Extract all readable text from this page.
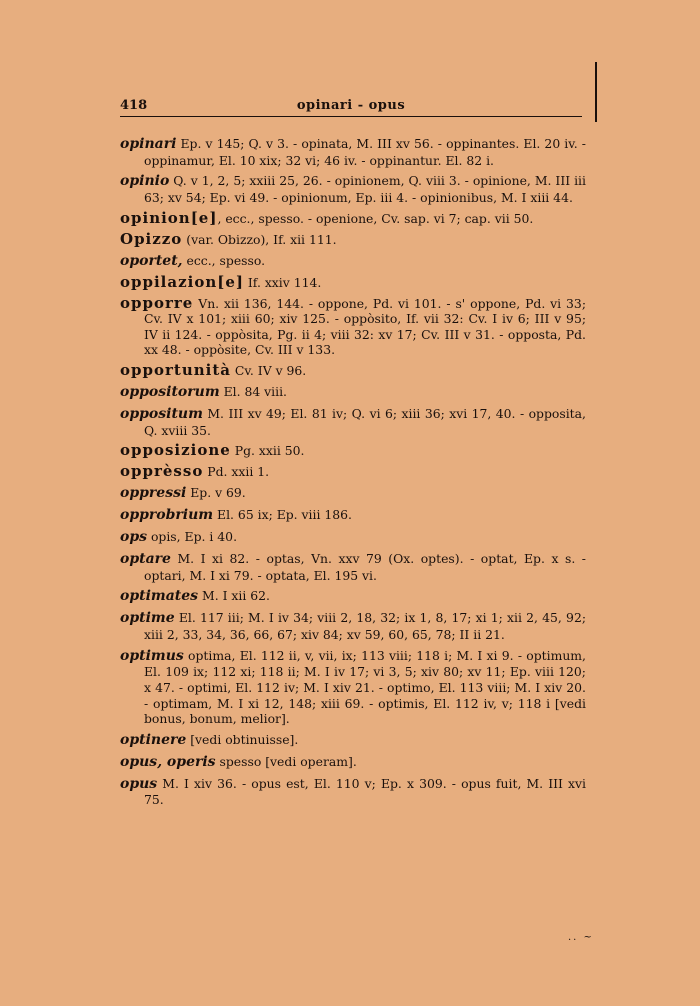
418	opinari - opus
opinari Ep. v 145; Q. v 3. - opinata, M. III xv 56. - oppinantes. El. 20 iv. - oppinamur, El. 10 xix; 32 vi; 46 iv. - oppinantur. El. 82 i.
opinio Q. v 1, 2, 5; xxiii 25, 26. - opinionem, Q. viii 3. - opinione, M. III iii 63; xv 54; Ep. vi 49. - opinionum, Ep. iii 4. - opinionibus, M. I xiii 44.
opinion[e], ecc., spesso. - openione, Cv. sap. vi 7; cap. vii 50.
Opizzo (var. Obizzo), If. xii 111.
oportet, ecc., spesso.
oppilazion[e] If. xxiv 114.
opporre Vn. xii 136, 144. - oppone, Pd. vi 101. - s' oppone, Pd. vi 33; Cv. IV x 101; xiii 60; xiv 125. - oppòsito, If. vii 32: Cv. I iv 6; III v 95; IV ii 124. - oppòsita, Pg. ii 4; viii 32: xv 17; Cv. III v 31. - opposta, Pd. xx 48. - oppòsite, Cv. III v 133.
opportunità Cv. IV v 96.
oppositorum El. 84 viii.
oppositum M. III xv 49; El. 81 iv; Q. vi 6; xiii 36; xvi 17, 40. - opposita, Q. xviii 35.
opposizione Pg. xxii 50.
opprèsso Pd. xxii 1.
oppressi Ep. v 69.
opprobrium El. 65 ix; Ep. viii 186.
ops opis, Ep. i 40.
optare M. I xi 82. - optas, Vn. xxv 79 (Ox. optes). - optat, Ep. x s. - optari, M. I xi 79. - optata, El. 195 vi.
optimates M. I xii 62.
optime El. 117 iii; M. I iv 34; viii 2, 18, 32; ix 1, 8, 17; xi 1; xii 2, 45, 92; xiii 2, 33, 34, 36, 66, 67; xiv 84; xv 59, 60, 65, 78; II ii 21.
optimus optima, El. 112 ii, v, vii, ix; 113 viii; 118 i; M. I xi 9. - optimum, El. 109 ix; 112 xi; 118 ii; M. I iv 17; vi 3, 5; xiv 80; xv 11; Ep. viii 120; x 47. - optimi, El. 112 iv; M. I xiv 21. - optimo, El. 113 viii; M. I xiv 20. - optimam, M. I xi 12, 148; xiii 69. - optimis, El. 112 iv, v; 118 i [vedi bonus, bonum, melior].
optinere [vedi obtinuisse].
opus, operis spesso [vedi operam].
opus M. I xiv 36. - opus est, El. 110 v; Ep. x 309. - opus fuit, M. III xvi 75.
.. ~
